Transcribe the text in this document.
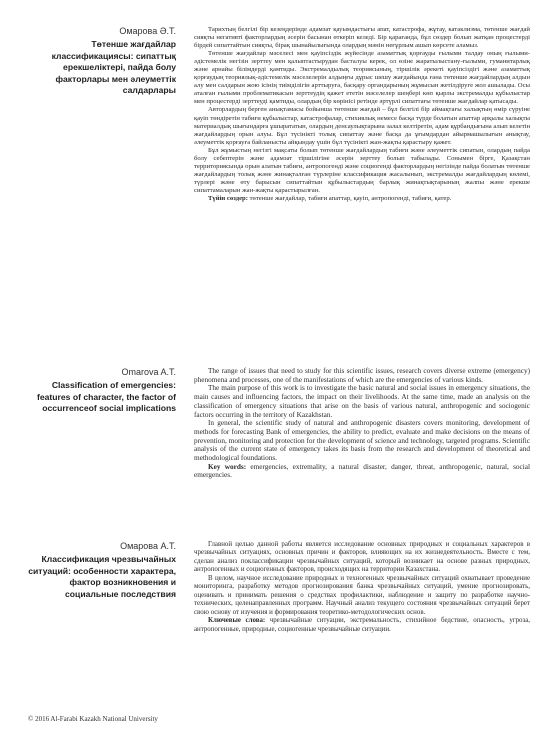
Омарова Ә.Т.

Төтенше жағдайлар классификациясы: сипаттық ерекшеліктері, пайда болу факторлары мен әлеуметтік салдарлары

Тарихтың белгілі бір кезеңдерінде адамзат қауымдастығы апат, катастрофа, жұтау, катаклизма, төтенше жағдай сияқты негативті факторлардың әсерін басынан өткеріп келеді. Бір қарағанда, бұл сөздер болып жатқан процестерді бірдей сипаттайтын сияқты, бірақ шынайылығында олардың мәнін неғұрлым ашып көрсете аламыз.

Төтенше жағдайлар мәселесі мен қауіпсіздік жүйесінде азаматтық қорғауды ғылыми талдау оның ғылыми-әдістемелік негізін зерттеу мен қалыптастырудан басталуы керек, ол өзіне жаратылыстану-ғылыми, гуманитарлық және арнайы білімдерді қамтиды. Экстремалдылық теориясының, тіршілік әрекеті қауіпсіздігі және азаматтық қорғаудың теориялық-әдістемелік мәселелерін алдыңғы дұрыс шешу жағдайында ғана төтенше жағдайлардың алдын алу мен салдарын жою ісінің тиімділігін арттыруға, басқару органдарының жұмысын жетілдіруге жол ашылады. Осы аталған ғылыми проблематикасын зерттеудің қажет ететін мәселелер шеңбері көп қырлы экстремалды құбылыстар мен процестерді зерттеуді қамтиды, олардың бір көрінісі ретінде әртүрлі сипаттағы төтенше жағдайлар қатысады.

Авторлардың берген анықтамасы бойынша төтенше жағдай – бұл белгілі бір аймақтағы халықтың өмір сүруіне қауіп төндіретін табиғи құбылыстар, катастрофалар, стихиялық немесе басқа түрде болатын апаттар арқылы халықты материалдық шығындарға ұшырататын, олардың денсаулықтарына залал келтіретін, адам құрбандығына алып келетін жағдайлардың орын алуы. Бұл түсінікті толық сипаттау және басқа да ұғымдардан айырмашылығын анықтау, әлеуметтік қорғауға байланысты айқындау үшін бұл түсінікті жан-жақты қарастыру қажет.

Бұл жұмыстың негізгі мақсаты болып төтенше жағдайлардың табиғи және әлеуметтік сипатын, олардың пайда болу себептерін және адамзат тіршілігіне әсерін зерттеу болып табылады. Сонымен бірге, Қазақстан территориясында орын алатын табиғи, антропогенді және социогенді факторлардың негізінде пайда болатын төтенше жағдайлардың толық және жинақталған түрлеріне классификация жасалынып, экстремалды жағдайлардың көлемі, түрлері және өту барысын сипаттайтын құбылыстардың барлық жинақтықтарының жалпы және ерекше сипаттамаларын жан-жақты қарастырылған.

Түйін сөздер: төтенше жағдайлар, табиғи апаттар, қауіп, антропогенді, табиғи, қатер.

Omarova A.T.

Classification of emergencies: features of character, the factor of occurrenceof social implications

The range of issues that need to study for this scientific issues, research covers diverse extreme (emergency) phenomena and processes, one of the manifestations of which are the emergencies of various kinds.

The main purpose of this work is to investigate the basic natural and social issues in emergency situations, the main causes and influencing factors, the impact on their livelihoods. At the same time, made an analysis on the classification of emergency situations that arise on the basis of various natural, anthropogenic and sociogenic factors occurring in the territory of Kazakhstan.

In general, the scientific study of natural and anthropogenic disasters covers monitoring, development of methods for forecasting Bank of emergencies, the ability to predict, evaluate and make decisions on the means of prevention, monitoring and protection for the development of science and technology, targeted programs. Scientific analysis of the current state of emergency takes its basis from the research and development of theoretical and methodological foundations.

Key words: emergencies, extremality, a natural disaster, danger, threat, anthropogenic, natural, social emergencies.

Омарова А.Т.

Классификация чрезвычайных ситуаций: особенности характера, фактор возникновения и социальные последствия

Главной целью данной работы является исследование основных природных и социальных характеров в чрезвычайных ситуациях, основных причин и факторов, влияющих на их жизнедеятельность. Вместе с тем, сделан анализ покласcификации чрезвычайных ситуаций, который возникает на основе разных природных, антропогенных и социогенных факторов, происходящих на территории Казахстана.

В целом, научное исследование природных и техногенных чрезвычайных ситуаций охватывает проведение мониторинга, разработку методов прогнозирования банка чрезвычайных ситуаций, умение прогнозировать, оценивать и принимать решения о средствах профилактики, наблюдение и защиту по разработке научно-технических, целенаправленных программ. Научный анализ текущего состояния чрезвычайных ситуаций берет свою основу от изучения и формирования теоретико-методологических основ.

Ключевые слова: чрезвычайные ситуации, экстремальность, стихийное бедствие, опасность, угроза, антропогенные, природные, социогенные чрезвычайные ситуации.

© 2016 Al-Farabi Kazakh National University
